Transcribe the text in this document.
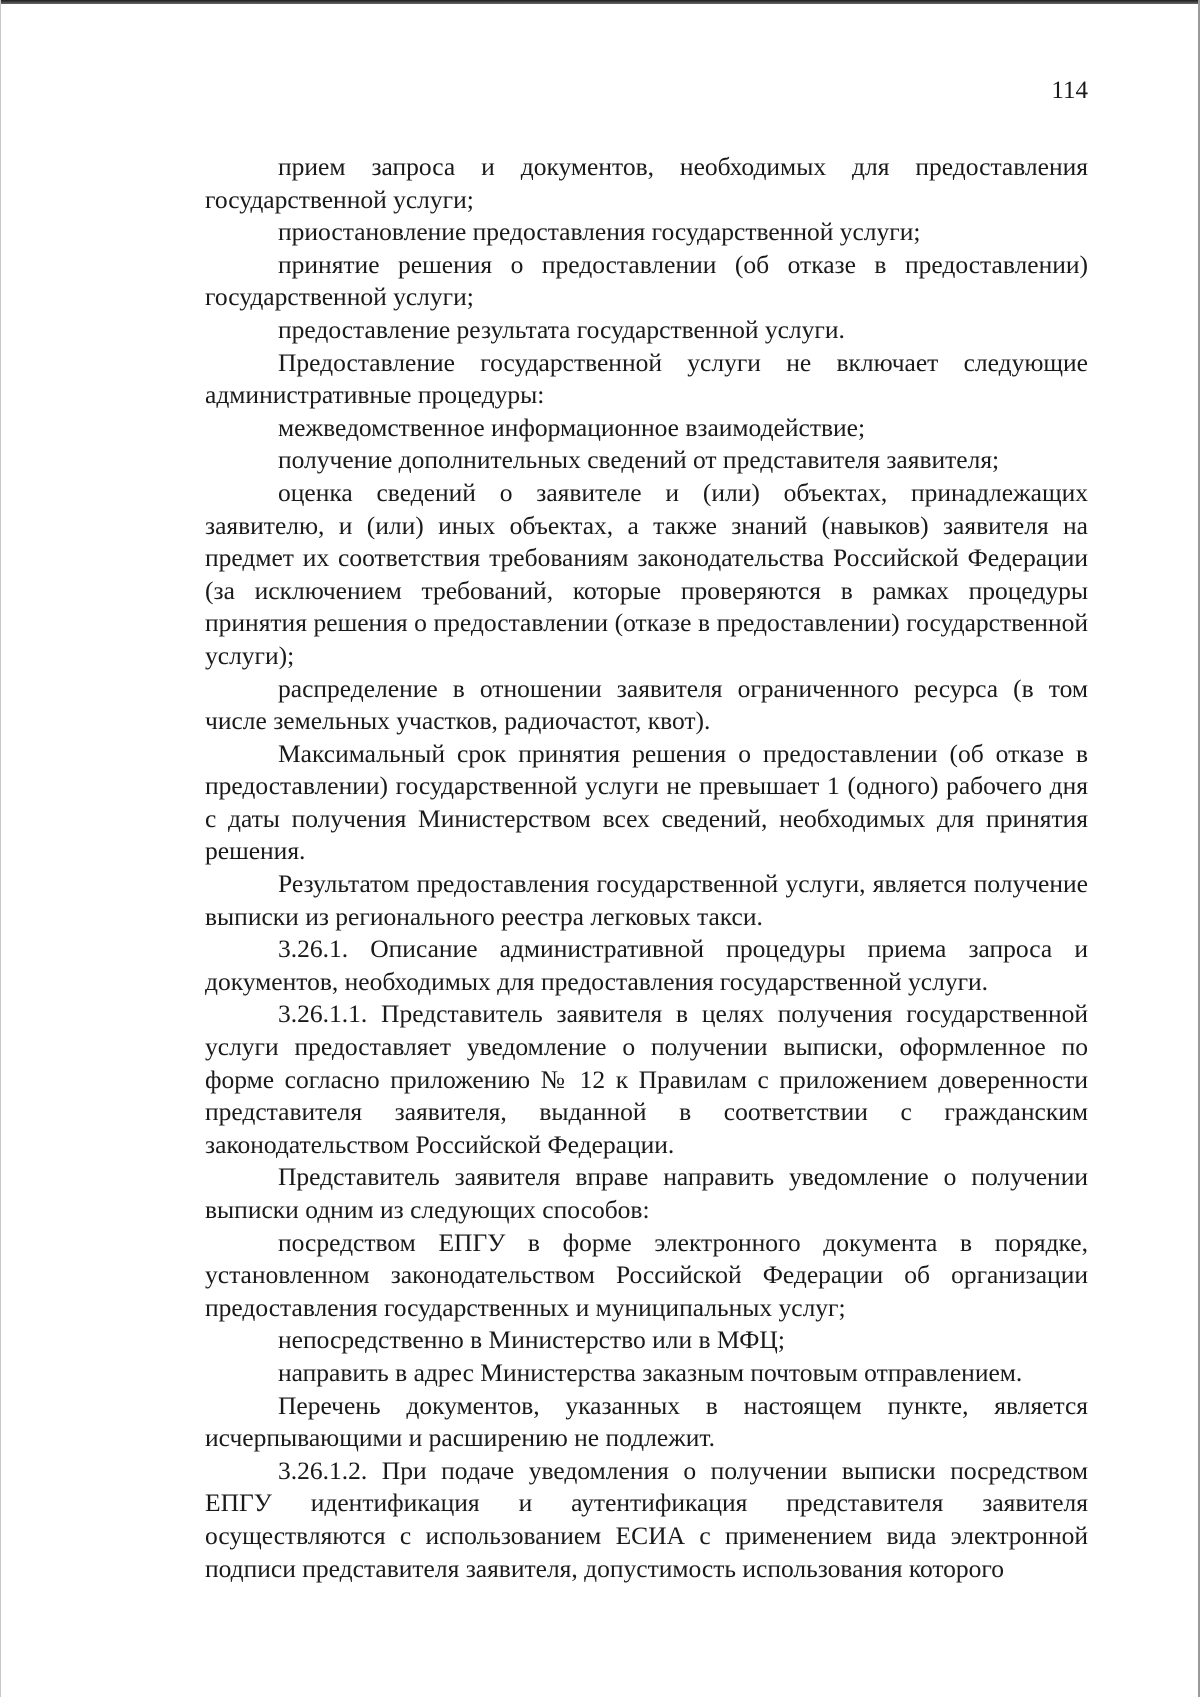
114

прием запроса и документов, необходимых для предоставления государственной услуги;

приостановление предоставления государственной услуги;

принятие решения о предоставлении (об отказе в предоставлении) государственной услуги;

предоставление результата государственной услуги.

Предоставление государственной услуги не включает следующие административные процедуры:

межведомственное информационное взаимодействие;

получение дополнительных сведений от представителя заявителя;

оценка сведений о заявителе и (или) объектах, принадлежащих заявителю, и (или) иных объектах, а также знаний (навыков) заявителя на предмет их соответствия требованиям законодательства Российской Федерации (за исключением требований, которые проверяются в рамках процедуры принятия решения о предоставлении (отказе в предоставлении) государственной услуги);

распределение в отношении заявителя ограниченного ресурса (в том числе земельных участков, радиочастот, квот).

Максимальный срок принятия решения о предоставлении (об отказе в предоставлении) государственной услуги не превышает 1 (одного) рабочего дня с даты получения Министерством всех сведений, необходимых для принятия решения.

Результатом предоставления государственной услуги, является получение выписки из регионального реестра легковых такси.

3.26.1. Описание административной процедуры приема запроса и документов, необходимых для предоставления государственной услуги.

3.26.1.1. Представитель заявителя в целях получения государственной услуги предоставляет уведомление о получении выписки, оформленное по форме согласно приложению № 12 к Правилам с приложением доверенности представителя заявителя, выданной в соответствии с гражданским законодательством Российской Федерации.

Представитель заявителя вправе направить уведомление о получении выписки одним из следующих способов:

посредством ЕПГУ в форме электронного документа в порядке, установленном законодательством Российской Федерации об организации предоставления государственных и муниципальных услуг;

непосредственно в Министерство или в МФЦ;

направить в адрес Министерства заказным почтовым отправлением.

Перечень документов, указанных в настоящем пункте, является исчерпывающими и расширению не подлежит.

3.26.1.2. При подаче уведомления о получении выписки посредством ЕПГУ идентификация и аутентификация представителя заявителя осуществляются с использованием ЕСИА с применением вида электронной подписи представителя заявителя, допустимость использования которого
